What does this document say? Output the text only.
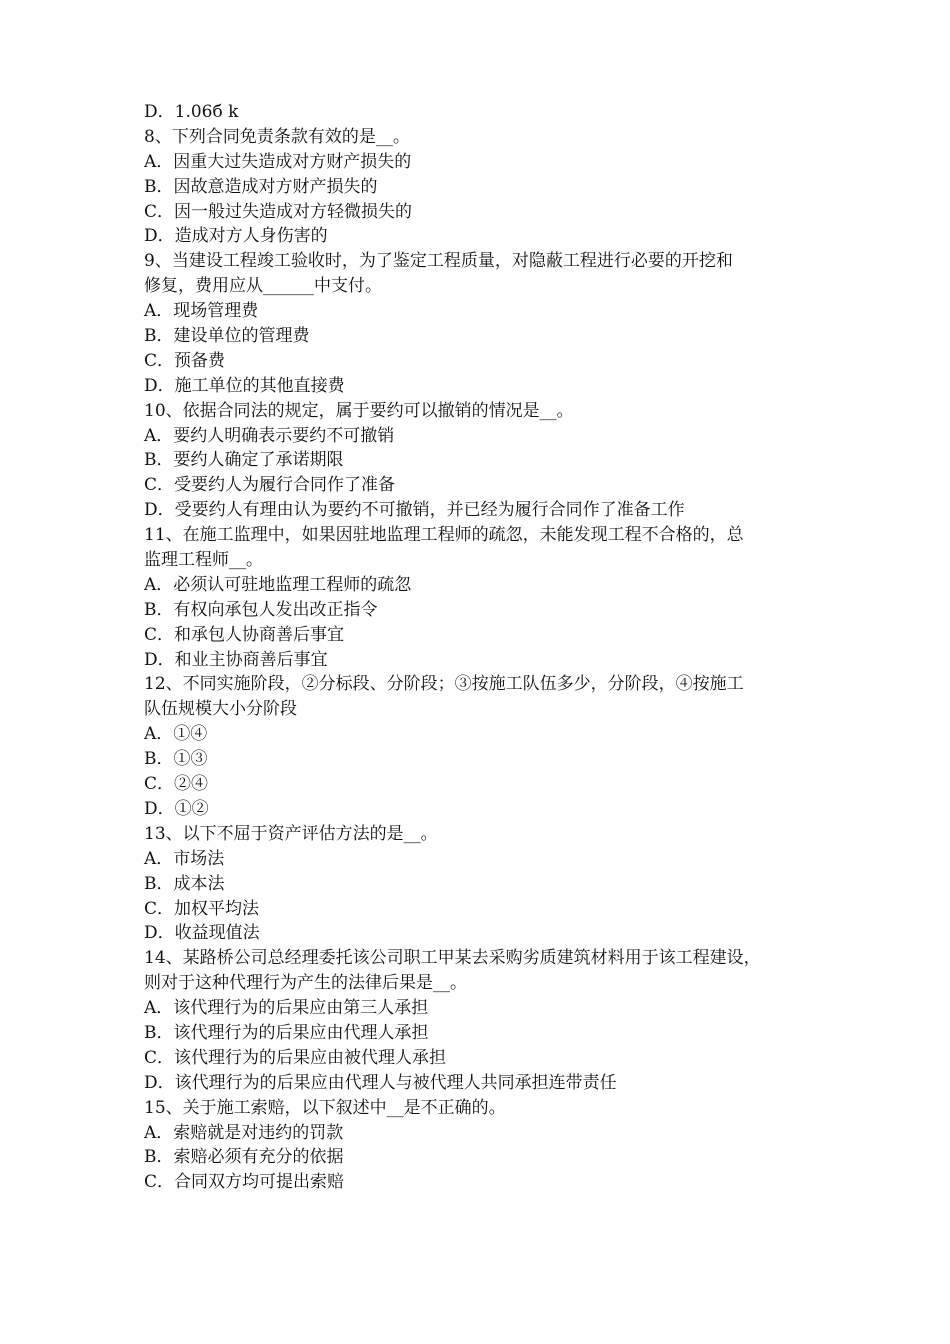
D．1.06б k
8、下列合同免责条款有效的是__。
A．因重大过失造成对方财产损失的
B．因故意造成对方财产损失的
C．因一般过失造成对方轻微损失的
D．造成对方人身伤害的
9、当建设工程竣工验收时，为了鉴定工程质量，对隐蔽工程进行必要的开挖和
修复，费用应从______中支付。
A．现场管理费
B．建设单位的管理费
C．预备费
D．施工单位的其他直接费
10、依据合同法的规定，属于要约可以撤销的情况是__。
A．要约人明确表示要约不可撤销
B．要约人确定了承诺期限
C．受要约人为履行合同作了准备
D．受要约人有理由认为要约不可撤销，并已经为履行合同作了准备工作
11、在施工监理中，如果因驻地监理工程师的疏忽，未能发现工程不合格的，总
监理工程师__。
A．必须认可驻地监理工程师的疏忽
B．有权向承包人发出改正指令
C．和承包人协商善后事宜
D．和业主协商善后事宜
12、不同实施阶段，②分标段、分阶段；③按施工队伍多少，分阶段，④按施工
队伍规模大小分阶段
A．①④
B．①③
C．②④
D．①②
13、以下不屈于资产评估方法的是__。
A．市场法
B．成本法
C．加权平均法
D．收益现值法
14、某路桥公司总经理委托该公司职工甲某去采购劣质建筑材料用于该工程建设，
则对于这种代理行为产生的法律后果是__。
A．该代理行为的后果应由第三人承担
B．该代理行为的后果应由代理人承担
C．该代理行为的后果应由被代理人承担
D．该代理行为的后果应由代理人与被代理人共同承担连带责任
15、关于施工索赔，以下叙述中__是不正确的。
A．索赔就是对违约的罚款
B．索赔必须有充分的依据
C．合同双方均可提出索赔
